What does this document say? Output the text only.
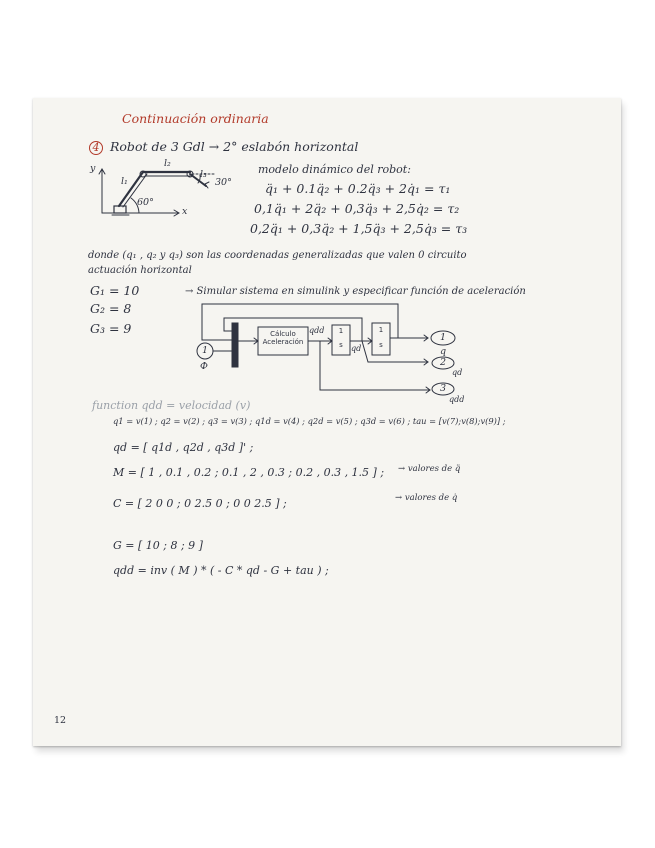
Continuación ordinaria
4 Robot de 3 Gdl → 2° eslabón horizontal
y
x
l₁
l₂
l₃
60°
30°
modelo dinámico del robot:
q̈₁ + 0.1q̈₂ + 0.2q̈₃ + 2q̇₁ = τ₁
0,1q̈₁ + 2q̈₂ + 0,3q̈₃ + 2,5q̇₂ = τ₂
0,2q̈₁ + 0,3q̈₂ + 1,5q̈₃ + 2,5q̇₃ = τ₃
donde (q₁ , q₂ y q₃) son las coordenadas generalizadas que valen 0 circuito
actuación horizontal
G₁ = 10
G₂ = 8
G₃ = 9
→ Simular sistema en simulink y especificar función de aceleración
1
Ф
Cálculo
Aceleración
qdd	1
s	qd
1
s
1
q
2
qd
3
qdd
function qdd = velocidad (v)
q1 = v(1) ; q2 = v(2) ; q3 = v(3) ; q1d = v(4) ; q2d = v(5) ; q3d = v(6) ; tau = [v(7);v(8);v(9)] ;
qd = [ q1d , q2d , q3d ]' ;
M = [ 1 , 0.1 , 0.2 ; 0.1 , 2 , 0.3 ; 0.2 , 0.3 , 1.5 ] ; → valores de q̈
C = [ 2 0 0 ; 0 2.5 0 ; 0 0 2.5 ] ;	→ valores de q̇
G = [ 10 ; 8 ; 9 ]
qdd = inv ( M ) * ( - C * qd - G + tau ) ;
12
